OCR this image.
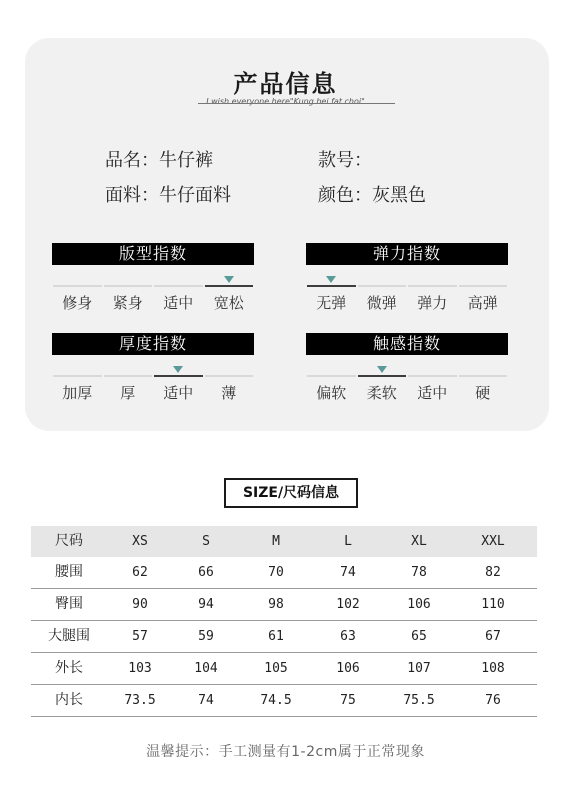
产品信息
I wish everyone here"Kung hei fat choi"
品名：牛仔裤	款号：
面料：牛仔面料	颜色：灰黑色
版型指数
修身	紧身	适中	宽松
弹力指数
无弹	微弹	弹力	高弹
厚度指数
加厚	厚	适中	薄
触感指数
偏软	柔软	适中	硬
SIZE/尺码信息
尺码	XS	S	M	L	XL	XXL
腰围	62	66	70	74	78	82
臀围	90	94	98	102	106	110
大腿围	57	59	61	63	65	67
外长	103	104	105	106	107	108
内长	73.5	74	74.5	75	75.5	76
温馨提示：手工测量有1-2cm属于正常现象
